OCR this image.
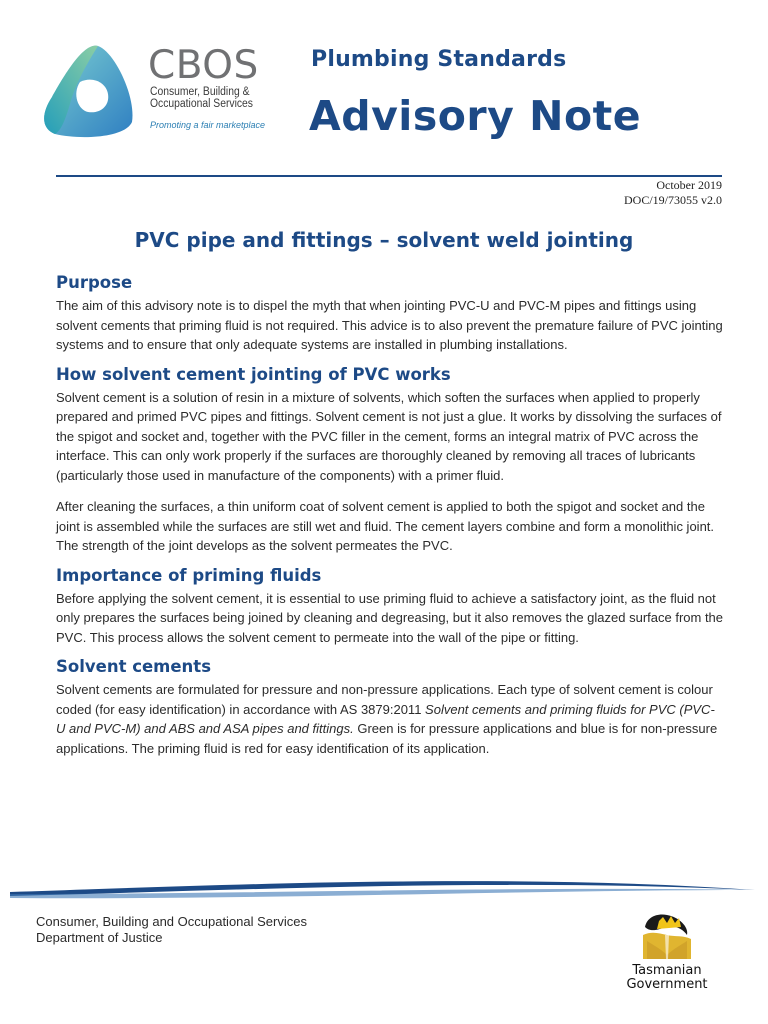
CBOS
Consumer, Building &
Occupational Services
Promoting a fair marketplace
Plumbing Standards
Advisory Note
October 2019
DOC/19/73055 v2.0
PVC pipe and fittings – solvent weld jointing
Purpose

The aim of this advisory note is to dispel the myth that when jointing PVC-U and PVC-M pipes and fittings using solvent cements that priming fluid is not required. This advice is to also prevent the premature failure of PVC jointing systems and to ensure that only adequate systems are installed in plumbing installations.

How solvent cement jointing of PVC works

Solvent cement is a solution of resin in a mixture of solvents, which soften the surfaces when applied to properly prepared and primed PVC pipes and fittings. Solvent cement is not just a glue. It works by dissolving the surfaces of the spigot and socket and, together with the PVC filler in the cement, forms an integral matrix of PVC across the interface. This can only work properly if the surfaces are thoroughly cleaned by removing all traces of lubricants (particularly those used in manufacture of the components) with a primer fluid.

After cleaning the surfaces, a thin uniform coat of solvent cement is applied to both the spigot and socket and the joint is assembled while the surfaces are still wet and fluid. The cement layers combine and form a monolithic joint. The strength of the joint develops as the solvent permeates the PVC.

Importance of priming fluids

Before applying the solvent cement, it is essential to use priming fluid to achieve a satisfactory joint, as the fluid not only prepares the surfaces being joined by cleaning and degreasing, but it also removes the glazed surface from the PVC. This process allows the solvent cement to permeate into the wall of the pipe or fitting.

Solvent cements

Solvent cements are formulated for pressure and non-pressure applications. Each type of solvent cement is colour coded (for easy identification) in accordance with AS 3879:2011 Solvent cements and priming fluids for PVC (PVC-U and PVC-M) and ABS and ASA pipes and fittings. Green is for pressure applications and blue is for non-pressure applications. The priming fluid is red for easy identification of its application.

Consumer, Building and Occupational Services
Department of Justice
Tasmanian
Government
